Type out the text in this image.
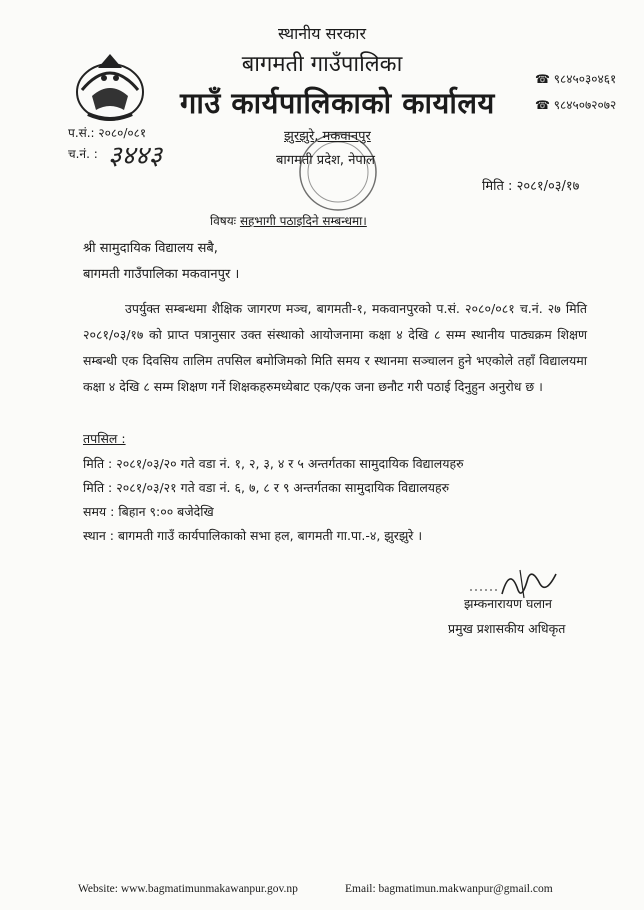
स्थानीय सरकार
बागमती गाउँपालिका
गाउँ कार्यपालिकाको कार्यालय
☎ ९८४५०३०४६१
☎ ९८४५०७२०७२
प.सं.: २०८०/०८१
च.नं. : ३४४३
झुरझुरे, मकवानपुर
बागमती प्रदेश, नेपाल
मिति : २०८१/०३/१७
विषयः सहभागी पठाइदिने सम्बन्धमा।
श्री सामुदायिक विद्यालय सबै,
बागमती गाउँपालिका मकवानपुर ।
उपर्युक्त सम्बन्धमा शैक्षिक जागरण मञ्च, बागमती-१, मकवानपुरको प.सं. २०८०/०८१ च.नं. २७ मिति २०८१/०३/१७ को प्राप्त पत्रानुसार उक्त संस्थाको आयोजनामा कक्षा ४ देखि ८ सम्म स्थानीय पाठ्यक्रम शिक्षण सम्बन्धी एक दिवसिय तालिम तपसिल बमोजिमको मिति समय र स्थानमा सञ्चालन हुने भएकोले तहाँ विद्यालयमा कक्षा ४ देखि ८ सम्म शिक्षण गर्ने शिक्षकहरुमध्येबाट एक/एक जना छनौट गरी पठाई दिनुहुन अनुरोध छ ।
तपसिल :
मिति : २०८१/०३/२० गते वडा नं. १, २, ३, ४ र ५ अन्तर्गतका सामुदायिक विद्यालयहरु
मिति : २०८१/०३/२१ गते वडा नं. ६, ७, ८ र ९ अन्तर्गतका सामुदायिक विद्यालयहरु
समय : बिहान ९:०० बजेदेखि
स्थान : बागमती गाउँ कार्यपालिकाको सभा हल, बागमती गा.पा.-४, झुरझुरे ।
झम्कनारायण घलान
प्रमुख प्रशासकीय अधिकृत
Website: www.bagmatimunmakawanpur.gov.np	Email: bagmatimun.makwanpur@gmail.com
